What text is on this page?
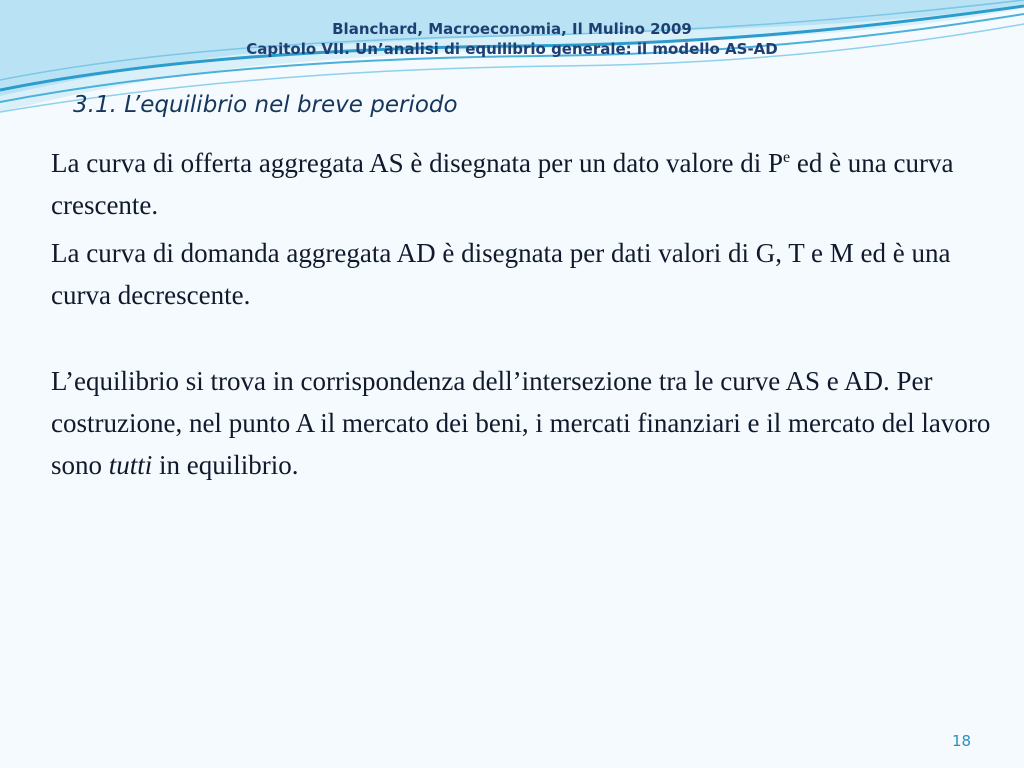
Blanchard, Macroeconomia, Il Mulino 2009
Capitolo VII. Un’analisi di equilibrio generale: il modello AS-AD
3.1. L’equilibrio nel breve periodo

La curva di offerta aggregata AS è disegnata per un dato valore di $P^e$ ed è una curva crescente.

La curva di domanda aggregata AD è disegnata per dati valori di G, T e M ed è una curva decrescente.

L’equilibrio si trova in corrispondenza dell’intersezione tra le curve AS e AD. Per costruzione, nel punto A il mercato dei beni, i mercati finanziari e il mercato del lavoro sono tutti in equilibrio.

18
